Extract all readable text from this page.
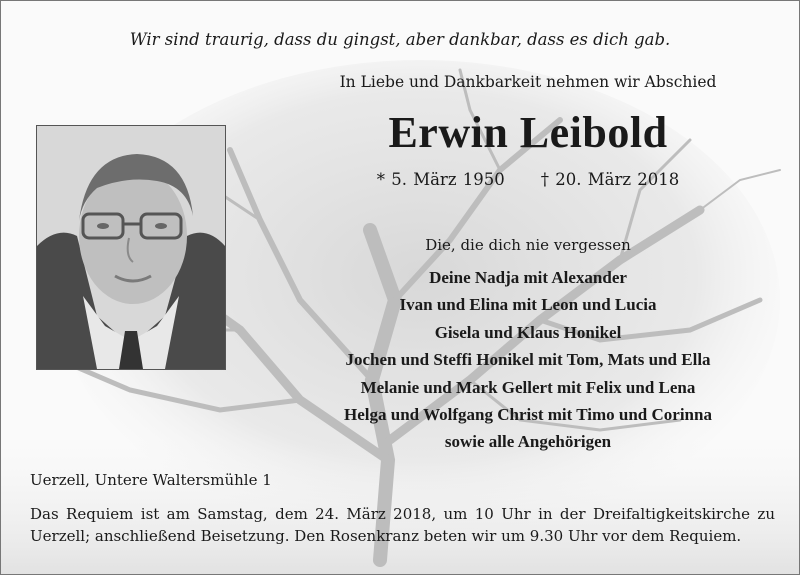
Wir sind traurig, dass du gingst, aber dankbar, dass es dich gab.
In Liebe und Dankbarkeit nehmen wir Abschied
Erwin Leibold
* 5. März 1950 † 20. März 2018
Die, die dich nie vergessen
Deine Nadja mit Alexander
Ivan und Elina mit Leon und Lucia
Gisela und Klaus Honikel
Jochen und Steffi Honikel mit Tom, Mats und Ella
Melanie und Mark Gellert mit Felix und Lena
Helga und Wolfgang Christ mit Timo und Corinna
sowie alle Angehörigen
Uerzell, Untere Waltersmühle 1

Das Requiem ist am Samstag, dem 24. März 2018, um 10 Uhr in der Dreifaltigkeitskirche zu Uerzell; anschließend Beisetzung. Den Rosenkranz beten wir um 9.30 Uhr vor dem Requiem.
